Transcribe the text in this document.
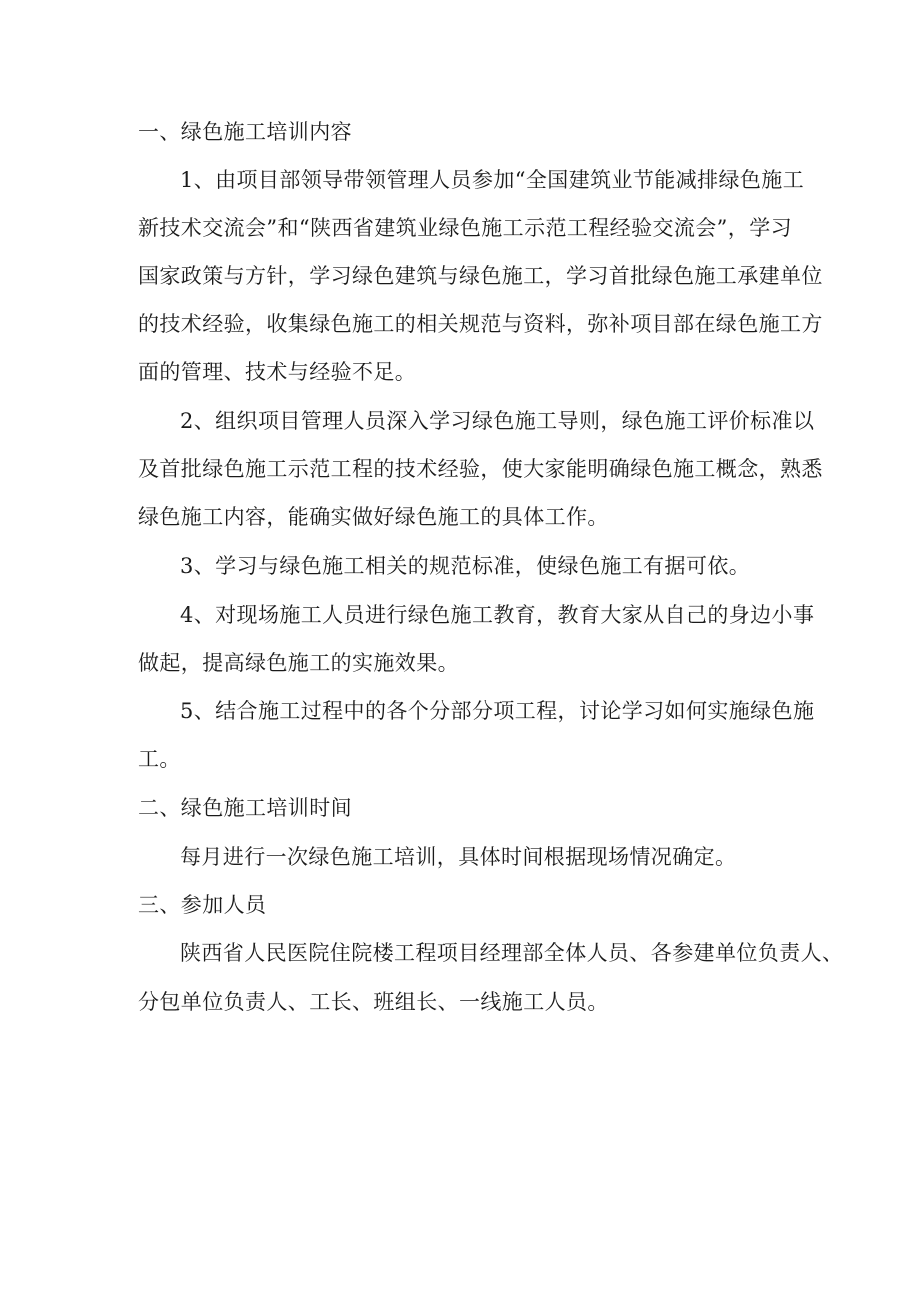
一、绿色施工培训内容
1、由项目部领导带领管理人员参加“全国建筑业节能减排绿色施工
新技术交流会”和“陕西省建筑业绿色施工示范工程经验交流会”，学习
国家政策与方针，学习绿色建筑与绿色施工，学习首批绿色施工承建单位
的技术经验，收集绿色施工的相关规范与资料，弥补项目部在绿色施工方
面的管理、技术与经验不足。
2、组织项目管理人员深入学习绿色施工导则，绿色施工评价标准以
及首批绿色施工示范工程的技术经验，使大家能明确绿色施工概念，熟悉
绿色施工内容，能确实做好绿色施工的具体工作。
3、学习与绿色施工相关的规范标准，使绿色施工有据可依。
4、对现场施工人员进行绿色施工教育，教育大家从自己的身边小事
做起，提高绿色施工的实施效果。
5、结合施工过程中的各个分部分项工程，讨论学习如何实施绿色施
工。
二、绿色施工培训时间
每月进行一次绿色施工培训，具体时间根据现场情况确定。
三、参加人员
陕西省人民医院住院楼工程项目经理部全体人员、各参建单位负责人、
分包单位负责人、工长、班组长、一线施工人员。
